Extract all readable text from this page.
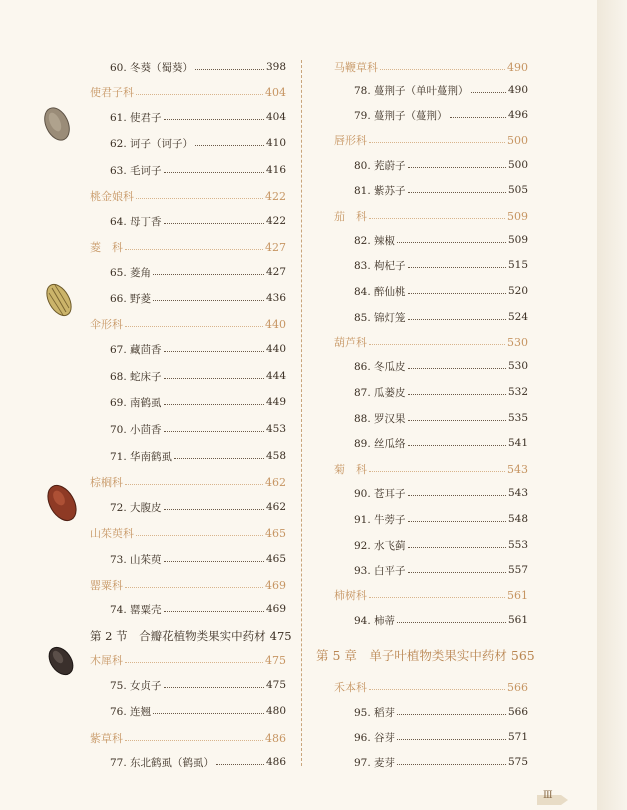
60. 冬葵（蜀葵）	398
使君子科	404
61. 使君子	404
62. 诃子（诃子）	410
63. 毛诃子	416
桃金娘科	422
64. 母丁香	422
菱　科	427
65. 菱角	427
66. 野菱	436
伞形科	440
67. 藏茴香	440
68. 蛇床子	444
69. 南鹤虱	449
70. 小茴香	453
71. 华南鹤虱	458
棕榈科	462
72. 大腹皮	462
山茱萸科	465
73. 山茱萸	465
罂粟科	469
74. 罂粟壳	469
第 2 节　合瓣花植物类果实中药材 475
木犀科	475
75. 女贞子	475
76. 连翘	480
紫草科	486
77. 东北鹤虱（鹤虱）	486
马鞭草科	490
78. 蔓荆子（单叶蔓荆）	490
79. 蔓荆子（蔓荆）	496
唇形科	500
80. 茺蔚子	500
81. 紫苏子	505
茄　科	509
82. 辣椒	509
83. 枸杞子	515
84. 醉仙桃	520
85. 锦灯笼	524
葫芦科	530
86. 冬瓜皮	530
87. 瓜蒌皮	532
88. 罗汉果	535
89. 丝瓜络	541
菊　科	543
90. 苍耳子	543
91. 牛蒡子	548
92. 水飞蓟	553
93. 白平子	557
柿树科	561
94. 柿蒂	561
第 5 章　单子叶植物类果实中药材 565
禾本科	566
95. 稻芽	566
96. 谷芽	571
97. 麦芽	575
Ⅲ
